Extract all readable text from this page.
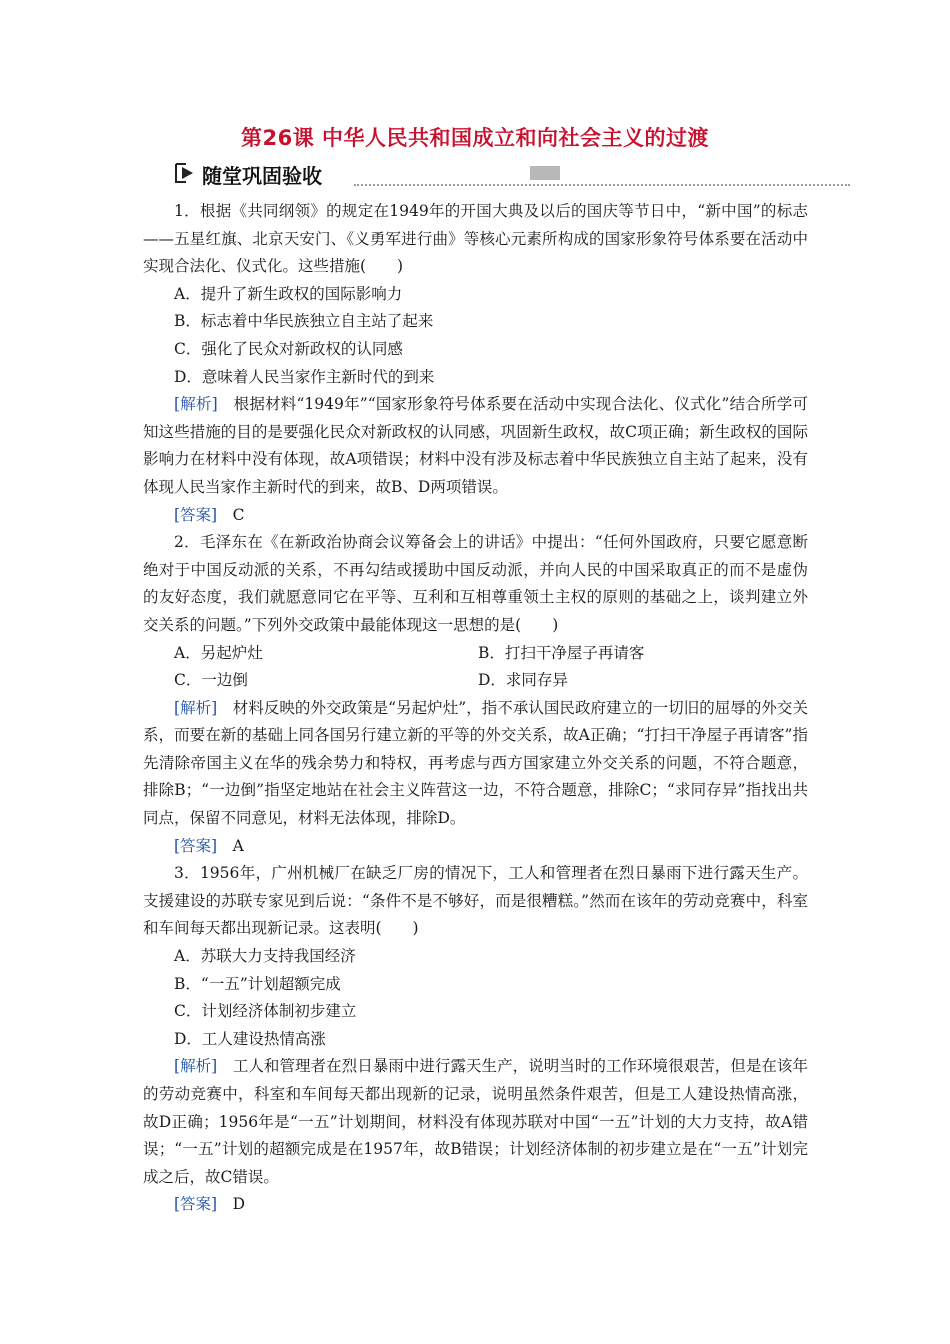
第26课 中华人民共和国成立和向社会主义的过渡
随堂巩固验收

1．根据《共同纲领》的规定在1949年的开国大典及以后的国庆等节日中，“新中国”的标志——五星红旗、北京天安门、《义勇军进行曲》等核心元素所构成的国家形象符号体系要在活动中实现合法化、仪式化。这些措施(　　)

A．提升了新生政权的国际影响力

B．标志着中华民族独立自主站了起来

C．强化了民众对新政权的认同感

D．意味着人民当家作主新时代的到来

[解析]　 根据材料“1949年”“国家形象符号体系要在活动中实现合法化、仪式化”结合所学可知这些措施的目的是要强化民众对新政权的认同感，巩固新生政权，故C项正确；新生政权的国际影响力在材料中没有体现，故A项错误；材料中没有涉及标志着中华民族独立自主站了起来，没有体现人民当家作主新时代的到来，故B、D两项错误。

[答案]　 C

2．毛泽东在《在新政治协商会议筹备会上的讲话》中提出：“任何外国政府，只要它愿意断绝对于中国反动派的关系，不再勾结或援助中国反动派，并向人民的中国采取真正的而不是虚伪的友好态度，我们就愿意同它在平等、互利和互相尊重领土主权的原则的基础之上，谈判建立外交关系的问题。”下列外交政策中最能体现这一思想的是(　　)

A．另起炉灶	B．打扫干净屋子再请客
C．一边倒	D．求同存异

[解析]　 材料反映的外交政策是“另起炉灶”，指不承认国民政府建立的一切旧的屈辱的外交关系，而要在新的基础上同各国另行建立新的平等的外交关系，故A正确；“打扫干净屋子再请客”指先清除帝国主义在华的残余势力和特权，再考虑与西方国家建立外交关系的问题，不符合题意，排除B；“一边倒”指坚定地站在社会主义阵营这一边，不符合题意，排除C；“求同存异”指找出共同点，保留不同意见，材料无法体现，排除D。

[答案]　 A

3．1956年，广州机械厂在缺乏厂房的情况下，工人和管理者在烈日暴雨下进行露天生产。支援建设的苏联专家见到后说：“条件不是不够好，而是很糟糕。”然而在该年的劳动竞赛中，科室和车间每天都出现新记录。这表明(　　)

A．苏联大力支持我国经济

B．“一五”计划超额完成

C．计划经济体制初步建立

D．工人建设热情高涨

[解析]　 工人和管理者在烈日暴雨中进行露天生产，说明当时的工作环境很艰苦，但是在该年的劳动竞赛中，科室和车间每天都出现新的记录，说明虽然条件艰苦，但是工人建设热情高涨，故D正确；1956年是“一五”计划期间，材料没有体现苏联对中国“一五”计划的大力支持，故A错误；“一五”计划的超额完成是在1957年，故B错误；计划经济体制的初步建立是在“一五”计划完成之后，故C错误。

[答案]　 D
